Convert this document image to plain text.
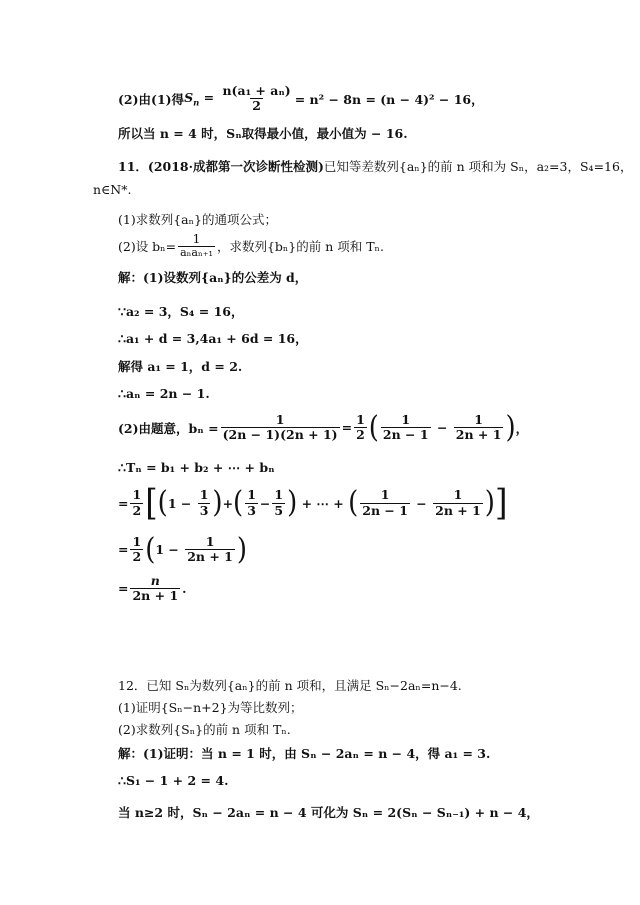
(2)由(1)得 $S_n = \frac{\text{n(a₁ + aₙ)}}{2} = n^2 - 8n = (n - 4)^2 - 16$，
所以当 n = 4 时，Sₙ取得最小值，最小值为 − 16.
11． (2018·成都第一次诊断性检测) 已知等差数列{aₙ}的前 n 项和为 Sₙ，a₂=3，S₄=16，
n∈N*.
(1)求数列{aₙ}的通项公式；
(2)设 $b_n= \frac{1}{\text{aₙaₙ₊₁}}$ ，求数列{bₙ}的前 n 项和 Tₙ.
解：(1)设数列{aₙ}的公差为 d，
∵a₂ = 3，S₄ = 16，
∴a₁ + d = 3,4a₁ + 6d = 16，
解得 a₁ = 1，d = 2.
∴aₙ = 2n − 1.
(2)由题意，$b_n = \frac{1}{(2n - 1)(2n + 1)} = \frac{1}{2}$ ( $\frac{1}{2n - 1} - \frac{1}{2n + 1}$ ) ，
∴Tₙ = b₁ + b₂ + ⋯ + bₙ
= $\frac{1}{2}$ [ ( $1 - \frac{1}{3}$ ) + ( $\frac{1}{3} - \frac{1}{5}$ ) + ⋯ + ( $\frac{1}{2n - 1} - \frac{1}{2n + 1}$ ) ]
= $\frac{1}{2}$ ( $1 - \frac{1}{2n + 1}$ )
= $\frac{n}{2n + 1}$ .
12．已知 Sₙ为数列{aₙ}的前 n 项和，且满足 Sₙ−2aₙ=n−4.
(1)证明{Sₙ−n+2}为等比数列；
(2)求数列{Sₙ}的前 n 项和 Tₙ.
解：(1)证明：当 n = 1 时，由 Sₙ − 2aₙ = n − 4，得 a₁ = 3.
∴S₁ − 1 + 2 = 4.
当 n≥2 时，Sₙ − 2aₙ = n − 4 可化为 Sₙ = 2(Sₙ − Sₙ₋₁) + n − 4，
